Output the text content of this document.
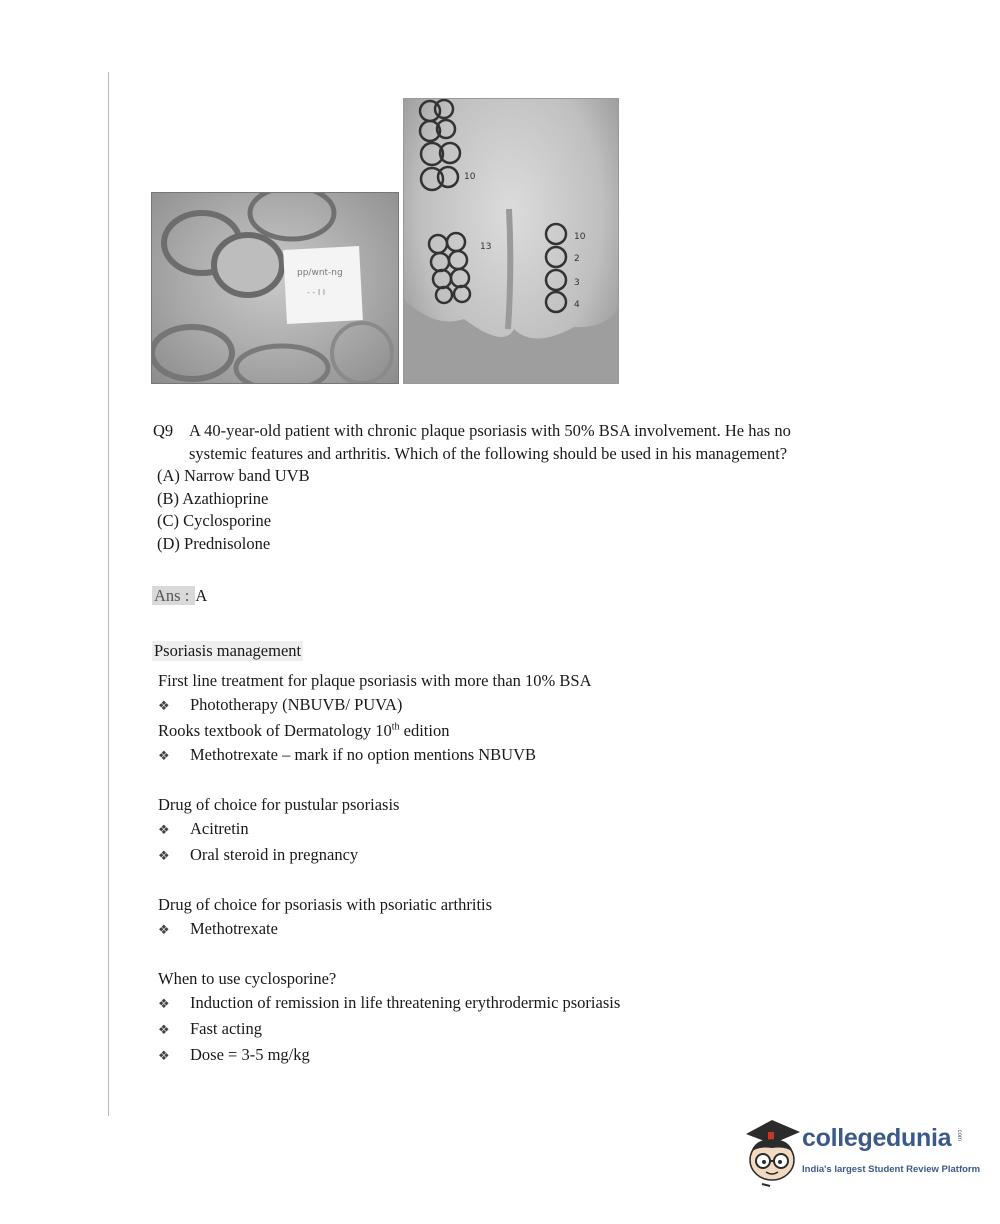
pp/wnt-ng
- - I I
10
2
3
4
10
13
Q9 A 40-year-old patient with chronic plaque psoriasis with 50% BSA involvement. He has no
systemic features and arthritis. Which of the following should be used in his management?
(A) Narrow band UVB
(B) Azathioprine
(C) Cyclosporine
(D) Prednisolone
Ans : A
Psoriasis management
First line treatment for plaque psoriasis with more than 10% BSA
❖ Phototherapy (NBUVB/ PUVA)
Rooks textbook of Dermatology 10th edition
❖ Methotrexate – mark if no option mentions NBUVB
Drug of choice for pustular psoriasis
❖ Acitretin
❖ Oral steroid in pregnancy
Drug of choice for psoriasis with psoriatic arthritis
❖ Methotrexate
When to use cyclosporine?
❖ Induction of remission in life threatening erythrodermic psoriasis
❖ Fast acting
❖ Dose = 3-5 mg/kg
collegedunia .com
India's largest Student Review Platform
